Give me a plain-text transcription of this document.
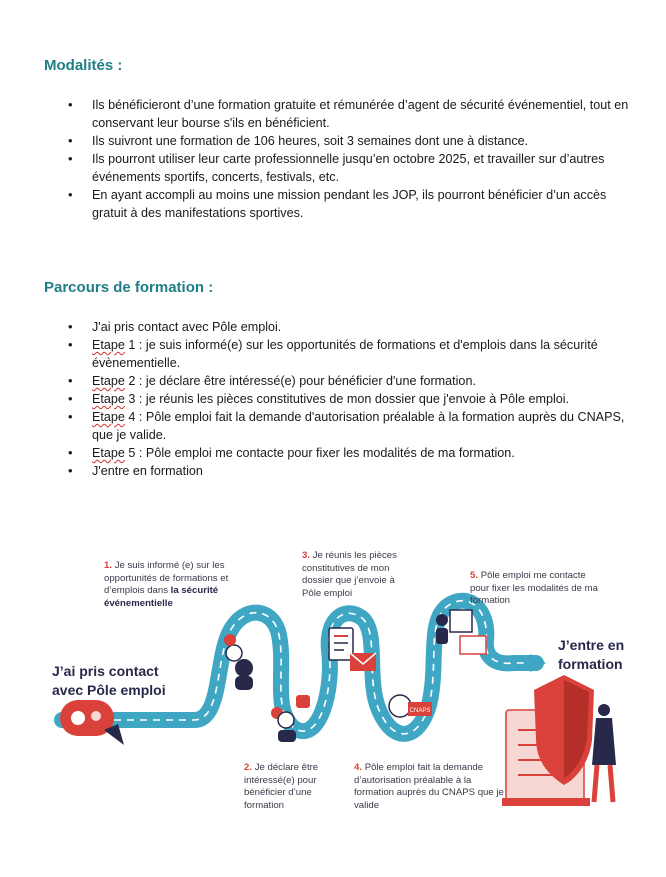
Modalités :
• Ils bénéficieront d’une formation gratuite et rémunérée d’agent de sécurité événementiel, tout en conservant leur bourse s'ils en bénéficient.
• Ils suivront une formation de 106 heures, soit 3 semaines dont une à distance.
• Ils pourront utiliser leur carte professionnelle jusqu’en octobre 2025, et travailler sur d’autres événements sportifs, concerts, festivals, etc.
• En ayant accompli au moins une mission pendant les JOP, ils pourront bénéficier d’un accès gratuit à des manifestations sportives.
Parcours de formation :
• J'ai pris contact avec Pôle emploi.
• Etape 1 : je suis informé(e) sur les opportunités de formations et d'emplois dans la sécurité évènementielle.
• Etape 2 : je déclare être intéressé(e) pour bénéficier d'une formation.
• Etape 3 : je réunis les pièces constitutives de mon dossier que j'envoie à Pôle emploi.
• Etape 4 : Pôle emploi fait la demande d'autorisation préalable à la formation auprès du CNAPS, que je valide.
• Etape 5 : Pôle emploi me contacte pour fixer les modalités de ma formation.
• J'entre en formation
CNAPS
J’ai pris contact avec Pôle emploi
J’entre en formation
1. Je suis informé (e) sur les opportunités de formations et d’emplois dans la sécurité événementielle
2. Je déclare être intéressé(e) pour bénéficier d’une formation
3. Je réunis les pièces constitutives de mon dossier que j’envoie à Pôle emploi
4. Pôle emploi fait la demande d’autorisation préalable à la formation auprès du CNAPS que je valide
5. Pôle emploi me contacte pour fixer les modalités de ma formation
